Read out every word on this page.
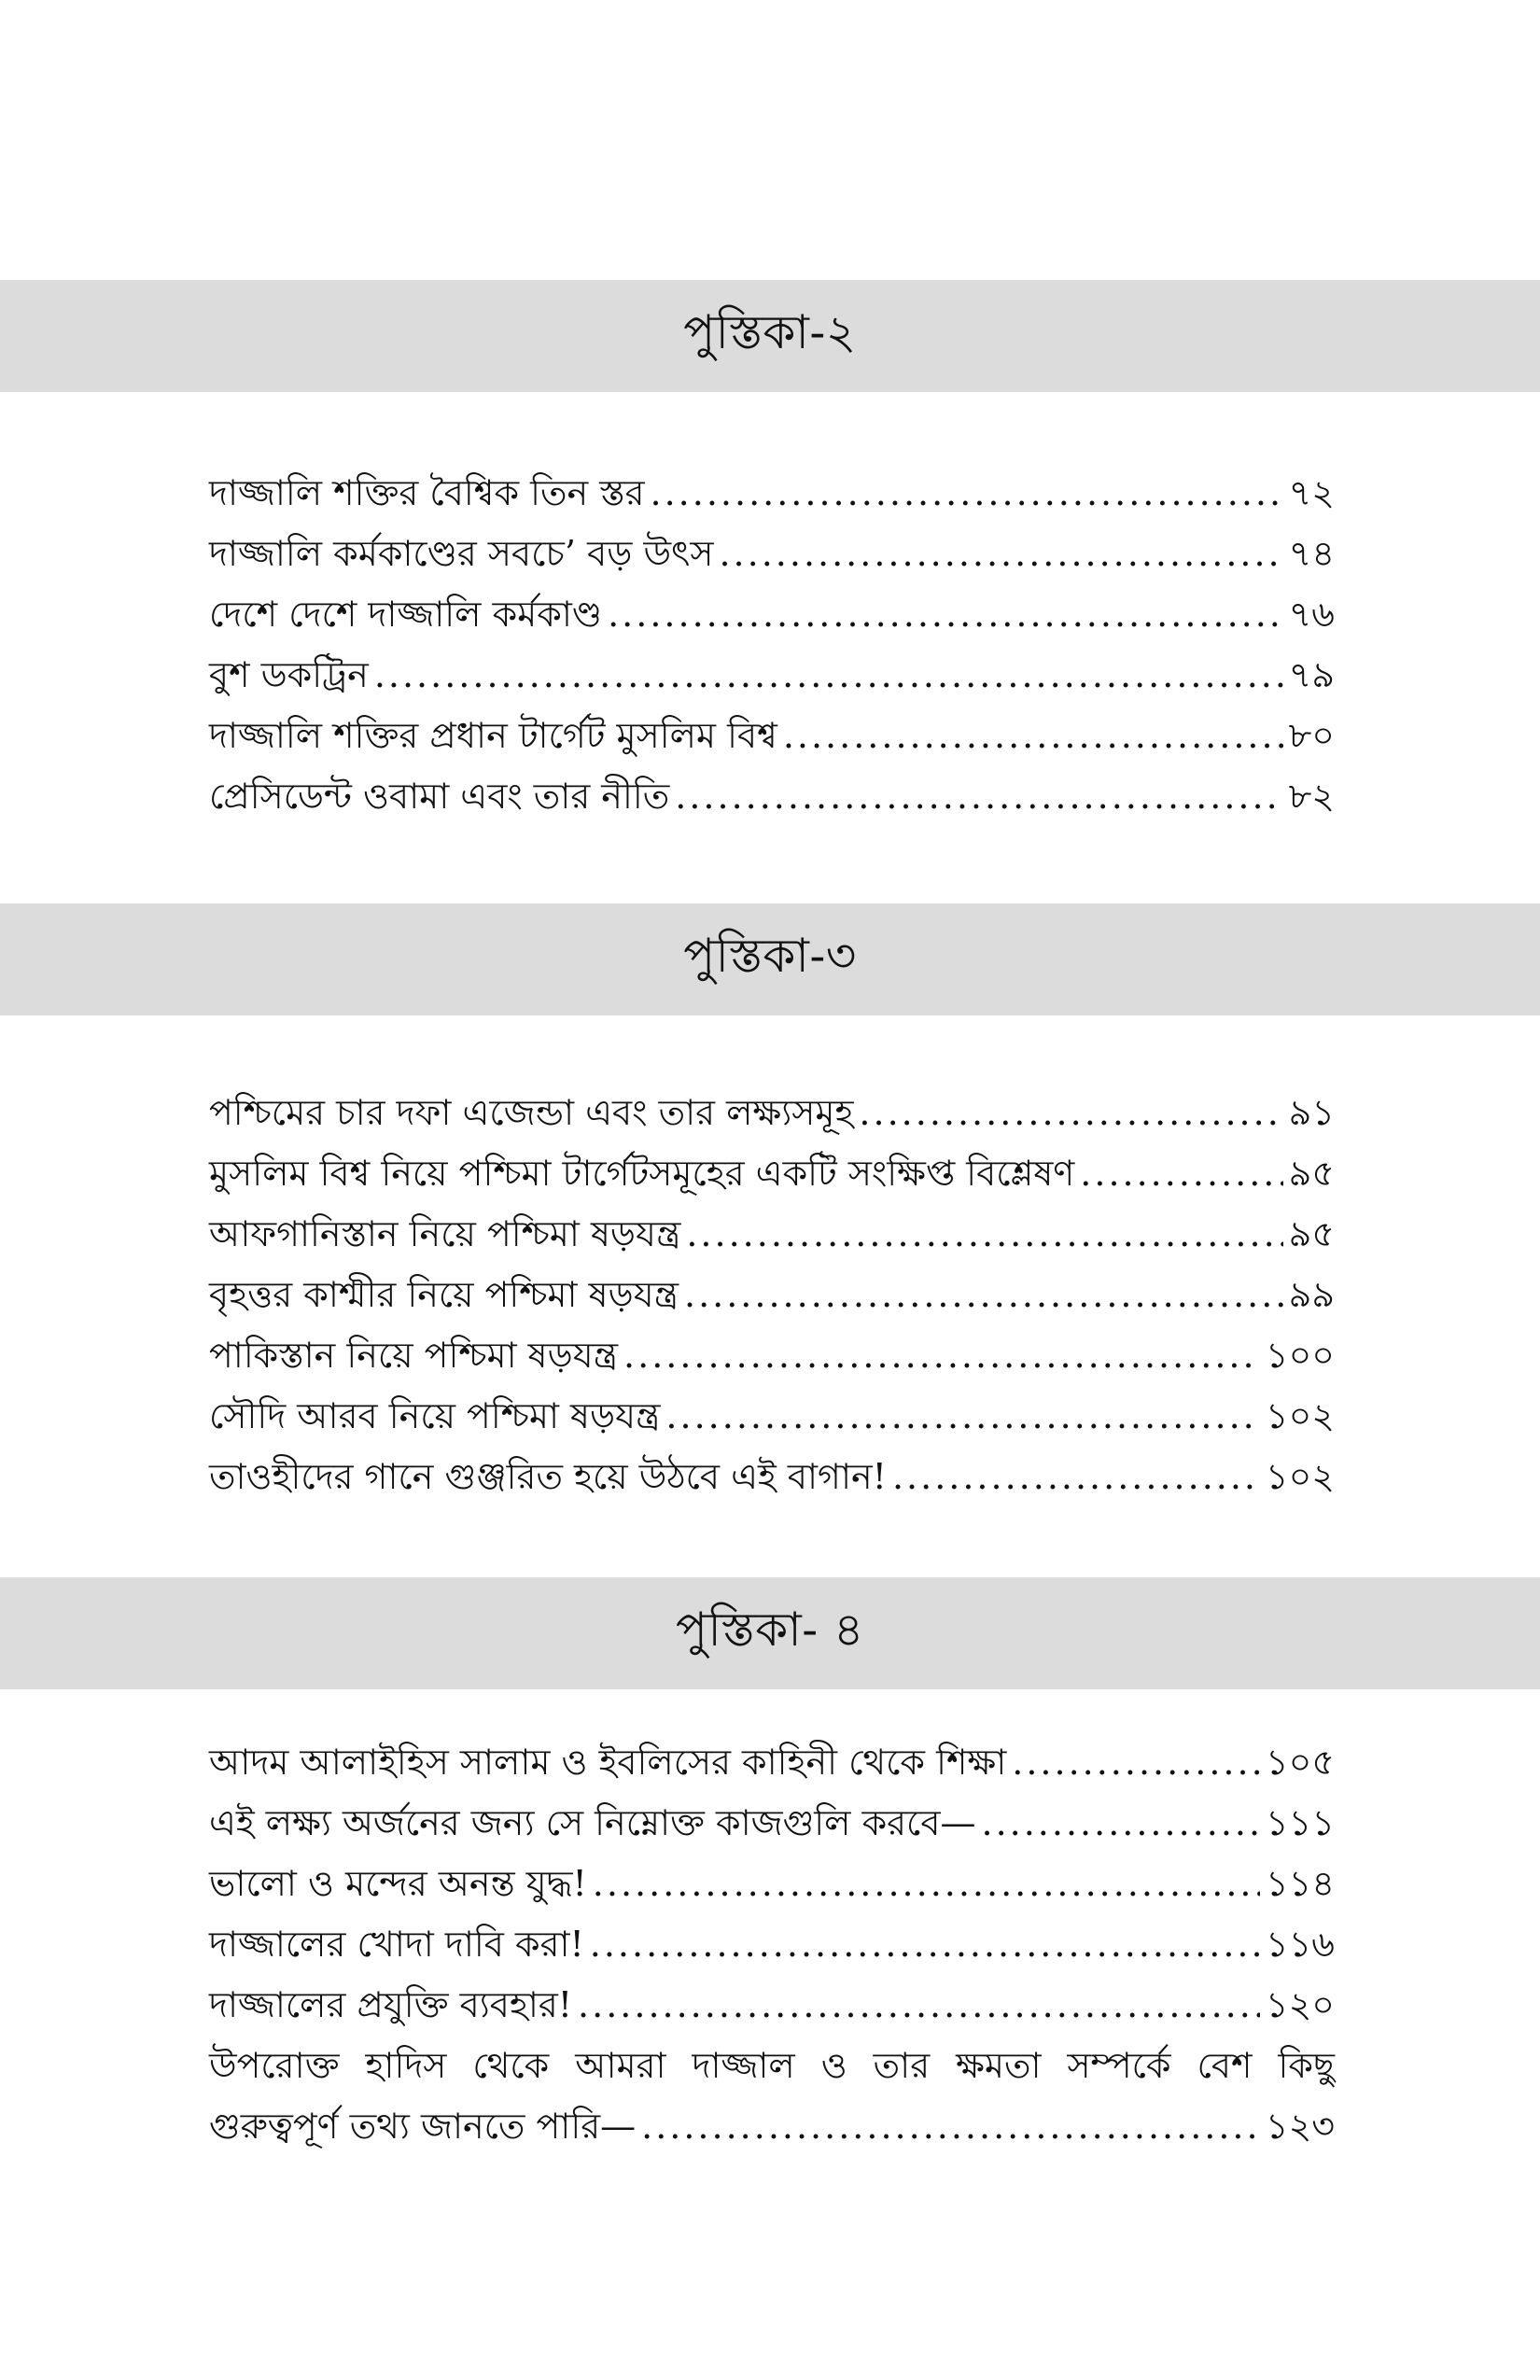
পুস্তিকা-২
দাজ্জালি শক্তির বৈশ্বিক তিন স্তর .....	৭২
দাজ্জালি কর্মকাণ্ডের সবচে’ বড় উৎস .....	৭৪
দেশে দেশে দাজ্জালি কর্মকাণ্ড .....	৭৬
বুশ ডকট্রিন .....	৭৯
দাজ্জালি শক্তির প্রধান টার্গেট মুসলিম বিশ্ব .....	৮০
প্রেসিডেন্ট ওবামা এবং তার নীতি .....	৮২
পুস্তিকা-৩
পশ্চিমের চার দফা এজেন্ডা এবং তার লক্ষ্যসমূহ .....	৯১
মুসলিম বিশ্ব নিয়ে পশ্চিমা টার্গেটসমূহের একটি সংক্ষিপ্ত বিশ্লেষণ .....	৯৫
আফগানিস্তান নিয়ে পশ্চিমা ষড়যন্ত্র .....	৯৫
বৃহত্তর কাশ্মীর নিয়ে পশ্চিমা ষড়যন্ত্র .....	৯৯
পাকিস্তান নিয়ে পশ্চিমা ষড়যন্ত্র .....	১০০
সৌদি আরব নিয়ে পশ্চিমা ষড়যন্ত্র .....	১০২
তাওহীদের গানে গুঞ্জরিত হয়ে উঠবে এই বাগান! .....	১০২
পুস্তিকা- ৪
আদম আলাইহিস সালাম ও ইবলিসের কাহিনী থেকে শিক্ষা .....	১০৫
এই লক্ষ্য অর্জনের জন্য সে নিম্নোক্ত কাজগুলি করবে— .....	১১১
ভালো ও মন্দের অনন্ত যুদ্ধ! .....	১১৪
দাজ্জালের খোদা দাবি করা! .....	১১৬
দাজ্জালের প্রযুক্তি ব্যবহার! .....	১২০
উপরোক্ত হাদিস থেকে আমরা দাজ্জাল ও তার ক্ষমতা সম্পর্কে বেশ কিছু
গুরুত্বপূর্ণ তথ্য জানতে পারি— .....	১২৩
